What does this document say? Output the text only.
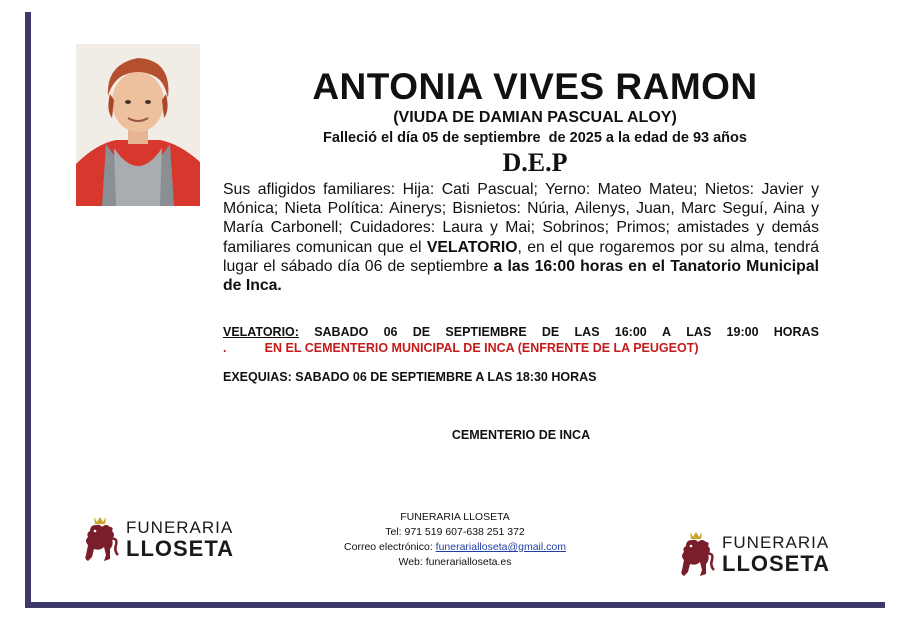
ANTONIA VIVES RAMON
(VIUDA DE DAMIAN PASCUAL ALOY)
Falleció el día 05 de septiembre  de 2025 a la edad de 93 años
D.E.P
Sus afligidos familiares: Hija: Cati Pascual; Yerno: Mateo Mateu; Nietos: Javier y Mónica; Nieta Política: Ainerys; Bisnietos: Núria, Ailenys, Juan, Marc Seguí, Aina y María Carbonell; Cuidadores: Laura y Mai; Sobrinos; Primos; amistades y demás familiares comunican que el VELATORIO, en el que rogaremos por su alma, tendrá lugar el sábado día 06 de septiembre a las 16:00 horas en el Tanatorio Municipal de Inca.
VELATORIO: SABADO 06 DE SEPTIEMBRE DE LAS 16:00 A LAS 19:00 HORAS
.           EN EL CEMENTERIO MUNICIPAL DE INCA (ENFRENTE DE LA PEUGEOT)
EXEQUIAS: SABADO 06 DE SEPTIEMBRE A LAS 18:30 HORAS
CEMENTERIO DE INCA
FUNERARIA
LLOSETA
FUNERARIA LLOSETA
Tel: 971 519 607-638 251 372
Correo electrónico: funerarialloseta@gmail.com
Web: funerarialloseta.es
FUNERARIA
LLOSETA
